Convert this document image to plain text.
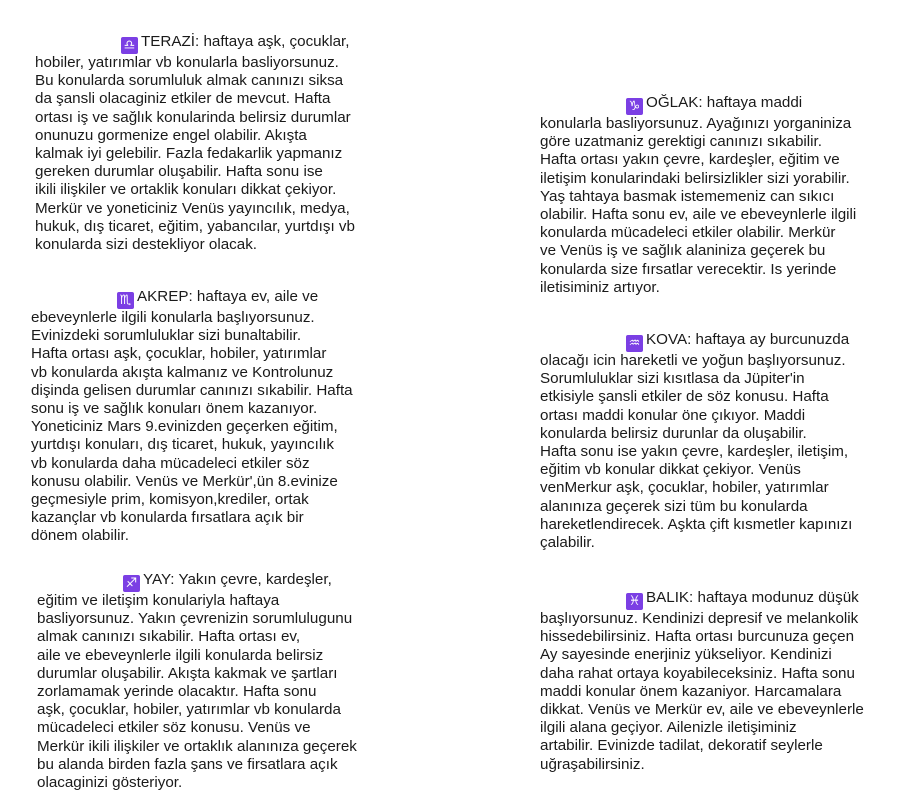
♎ TERAZİ: haftaya aşk, çocuklar,
hobiler, yatırımlar vb konularla basliyorsunuz.
Bu konularda sorumluluk almak canınızı siksa
da şansli olacaginiz etkiler de mevcut. Hafta
ortası iş ve sağlık konularinda belirsiz durumlar
onunuzu gormenize engel olabilir. Akışta
kalmak iyi gelebilir. Fazla fedakarlik yapmanız
gereken durumlar oluşabilir. Hafta sonu ise
ikili ilişkiler ve ortaklik konuları dikkat çekiyor.
Merkür ve yoneticiniz Venüs yayıncılık, medya,
hukuk, dış ticaret, eğitim, yabancılar, yurtdışı vb
konularda sizi destekliyor olacak.
♏ AKREP: haftaya ev, aile ve
ebeveynlerle ilgili konularla başlıyorsunuz.
Evinizdeki sorumluluklar sizi bunaltabilir.
Hafta ortası aşk, çocuklar, hobiler, yatırımlar
vb konularda akışta kalmanız ve Kontrolunuz
dişinda gelisen durumlar canınızı sıkabilir. Hafta
sonu iş ve sağlık konuları önem kazanıyor.
Yoneticiniz Mars 9.evinizden geçerken eğitim,
yurtdışı konuları, dış ticaret, hukuk, yayıncılık
vb konularda daha mücadeleci etkiler söz
konusu olabilir. Venüs ve Merkür',ün 8.evinize
geçmesiyle prim, komisyon,krediler, ortak
kazançlar vb konularda fırsatlara açık bir
dönem olabilir.
♐ YAY: Yakın çevre, kardeşler,
eğitim ve iletişim konulariyla haftaya
basliyorsunuz. Yakın çevrenizin sorumlulugunu
almak canınızı sıkabilir. Hafta ortası ev,
aile ve ebeveynlerle ilgili konularda belirsiz
durumlar oluşabilir. Akışta kakmak ve şartları
zorlamamak yerinde olacaktır. Hafta sonu
aşk, çocuklar, hobiler, yatırımlar vb konularda
mücadeleci etkiler söz konusu. Venüs ve
Merkür ikili ilişkiler ve ortaklık alanınıza geçerek
bu alanda birden fazla şans ve firsatlara açık
olacaginizi gösteriyor.
♑ OĞLAK: haftaya maddi
konularla basliyorsunuz. Ayağınızı yorganiniza
göre uzatmaniz gerektigi canınızı sıkabilir.
Hafta ortası yakın çevre, kardeşler, eğitim ve
iletişim konularindaki belirsizlikler sizi yorabilir.
Yaş tahtaya basmak istememeniz can sıkıcı
olabilir. Hafta sonu ev, aile ve ebeveynlerle ilgili
konularda mücadeleci etkiler olabilir. Merkür
ve Venüs iş ve sağlık alaniniza geçerek bu
konularda size fırsatlar verecektir. Is yerinde
iletisiminiz artıyor.
♒ KOVA: haftaya ay burcunuzda
olacağı icin hareketli ve yoğun başlıyorsunuz.
Sorumluluklar sizi kısıtlasa da Jüpiter'in
etkisiyle şansli etkiler de söz konusu. Hafta
ortası maddi konular öne çıkıyor. Maddi
konularda belirsiz durunlar da oluşabilir.
Hafta sonu ise yakın çevre, kardeşler, iletişim,
eğitim vb konular dikkat çekiyor. Venüs
venMerkur aşk, çocuklar, hobiler, yatırımlar
alanınıza geçerek sizi tüm bu konularda
hareketlendirecek. Aşkta çift kısmetler kapınızı
çalabilir.
♓ BALIK: haftaya modunuz düşük
başlıyorsunuz. Kendinizi depresif ve melankolik
hissedebilirsiniz. Hafta ortası burcunuza geçen
Ay sayesinde enerjiniz yükseliyor. Kendinizi
daha rahat ortaya koyabileceksiniz. Hafta sonu
maddi konular önem kazaniyor. Harcamalara
dikkat. Venüs ve Merkür ev, aile ve ebeveynlerle
ilgili alana geçiyor. Ailenizle iletişiminiz
artabilir. Evinizde tadilat, dekoratif seylerle
uğraşabilirsiniz.
